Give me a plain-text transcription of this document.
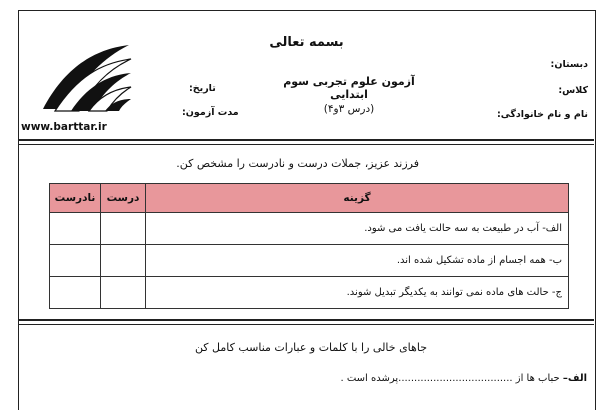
بسمه تعالی
آزمون علوم تجربی سوم ابتدایی
(درس ۳و۴)
دبستان:
کلاس:
نام و نام خانوادگی:
تاریخ:
مدت آزمون:
www.barttar.ir
فرزند عزیز، جملات درست و نادرست را مشخص کن.
نادرست	درست	گزینه
		الف- آب در طبیعت به سه حالت یافت می شود.
		ب- همه اجسام از ماده تشکیل شده اند.
		ج- حالت های ماده نمی توانند به یکدیگر تبدیل شوند.
جاهای خالی را با کلمات و عبارات مناسب کامل کن
الف– حباب ها از ....................................پرشده است .
